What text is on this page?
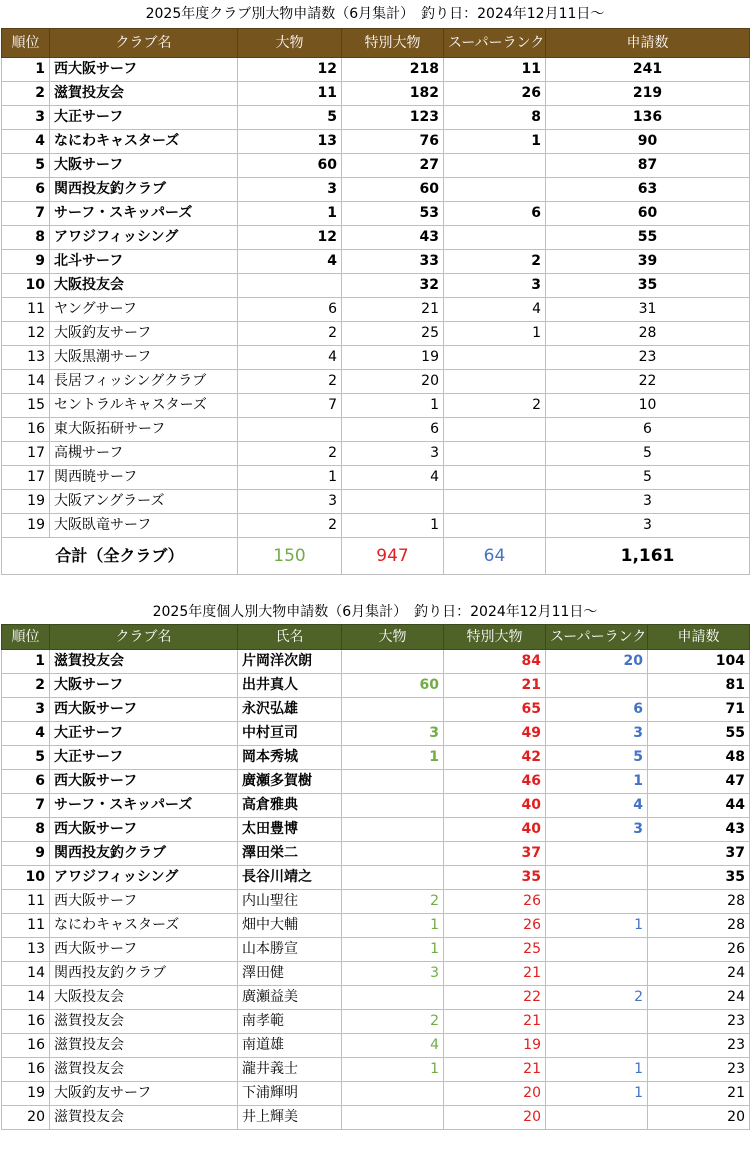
2025年度クラブ別大物申請数（6月集計）　釣り日：2024年12月11日～
順位	クラブ名	大物	特別大物	スーパーランク	申請数
1	西大阪サーフ	12	218	11	241
2	滋賀投友会	11	182	26	219
3	大正サーフ	5	123	8	136
4	なにわキャスターズ	13	76	1	90
5	大阪サーフ	60	27		87
6	関西投友釣クラブ	3	60		63
7	サーフ・スキッパーズ	1	53	6	60
8	アワジフィッシング	12	43		55
9	北斗サーフ	4	33	2	39
10	大阪投友会		32	3	35
11	ヤングサーフ	6	21	4	31
12	大阪釣友サーフ	2	25	1	28
13	大阪黒潮サーフ	4	19		23
14	長居フィッシングクラブ	2	20		22
15	セントラルキャスターズ	7	1	2	10
16	東大阪拓研サーフ		6		6
17	高槻サーフ	2	3		5
17	関西暁サーフ	1	4		5
19	大阪アングラーズ	3			3
19	大阪臥竜サーフ	2	1		3
合計（全クラブ）		150	947	64	1,161
2025年度個人別大物申請数（6月集計）　釣り日：2024年12月11日～
順位	クラブ名	氏名	大物	特別大物	スーパーランク	申請数
1	滋賀投友会	片岡洋次朗		84	20	104
2	大阪サーフ	出井真人	60	21		81
3	西大阪サーフ	永沢弘雄		65	6	71
4	大正サーフ	中村亘司	3	49	3	55
5	大正サーフ	岡本秀城	1	42	5	48
6	西大阪サーフ	廣瀬多賀樹		46	1	47
7	サーフ・スキッパーズ	高倉雅典		40	4	44
8	西大阪サーフ	太田豊博		40	3	43
9	関西投友釣クラブ	澤田栄二		37		37
10	アワジフィッシング	長谷川靖之		35		35
11	西大阪サーフ	内山聖往	2	26		28
11	なにわキャスターズ	畑中大輔	1	26	1	28
13	西大阪サーフ	山本勝宣	1	25		26
14	関西投友釣クラブ	澤田健	3	21		24
14	大阪投友会	廣瀬益美		22	2	24
16	滋賀投友会	南孝範	2	21		23
16	滋賀投友会	南道雄	4	19		23
16	滋賀投友会	瀧井義士	1	21	1	23
19	大阪釣友サーフ	下浦輝明		20	1	21
20	滋賀投友会	井上輝美		20		20
